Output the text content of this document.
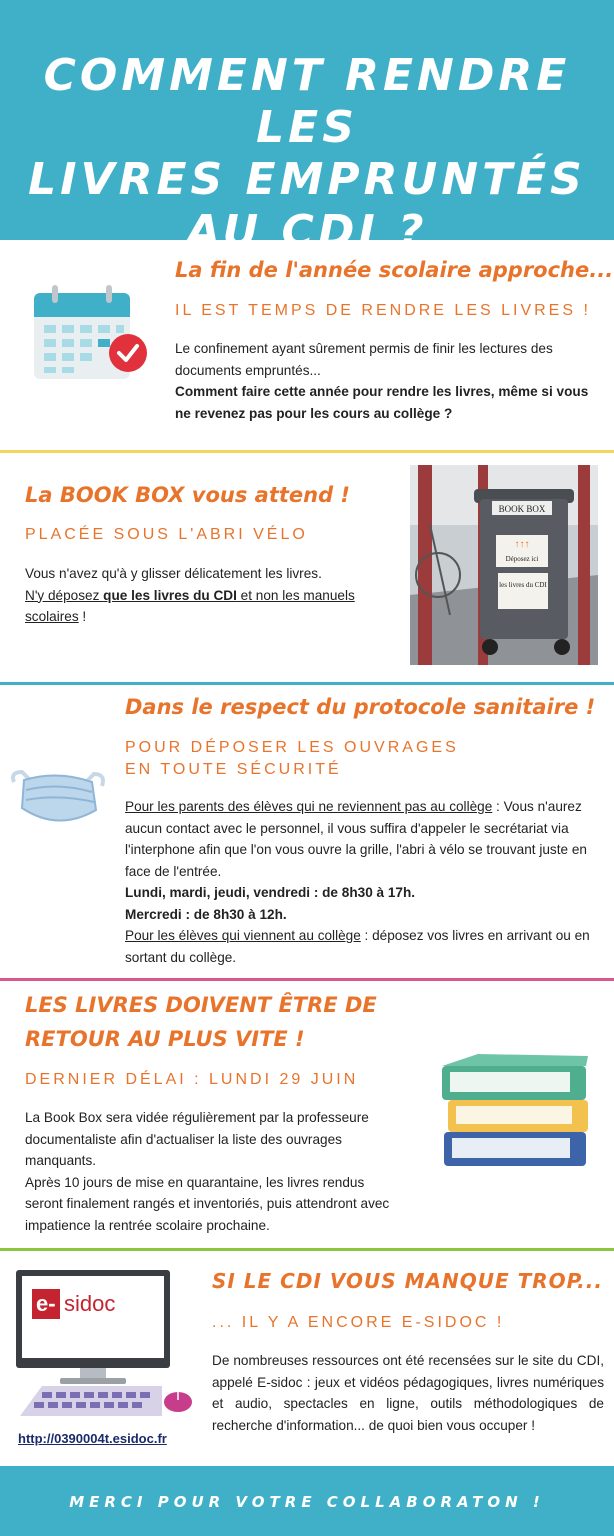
COMMENT RENDRE LES
LIVRES EMPRUNTÉS
AU CDI ?
La fin de l'année scolaire approche...
IL EST TEMPS DE RENDRE LES LIVRES !
Le confinement ayant sûrement permis de finir les lectures des documents empruntés...
Comment faire cette année pour rendre les livres, même si vous ne revenez pas pour les cours au collège ?
La BOOK BOX vous attend !
PLACÉE SOUS L'ABRI VÉLO
Vous n'avez qu'à y glisser délicatement les livres.
N'y déposez que les livres du CDI et non les manuels scolaires !
BOOK BOX
↑↑↑
Déposez ici
les livres du CDI
Dans le respect du protocole sanitaire !
POUR DÉPOSER LES OUVRAGES
EN TOUTE SÉCURITÉ
Pour les parents des élèves qui ne reviennent pas au collège : Vous n'aurez aucun contact avec le personnel, il vous suffira d'appeler le secrétariat via l'interphone afin que l'on vous ouvre la grille, l'abri à vélo se trouvant juste en face de l'entrée.
Lundi, mardi, jeudi, vendredi : de 8h30 à 17h.
Mercredi : de 8h30 à 12h.
Pour les élèves qui viennent au collège : déposez vos livres en arrivant ou en sortant du collège.
LES LIVRES DOIVENT ÊTRE DE
RETOUR AU PLUS VITE !
DERNIER DÉLAI : LUNDI 29 JUIN
La Book Box sera vidée régulièrement par la professeure documentaliste afin d'actualiser la liste des ouvrages manquants.
Après 10 jours de mise en quarantaine, les livres rendus seront finalement rangés et inventoriés, puis attendront avec impatience la rentrée scolaire prochaine.
e- sidoc
http://0390004t.esidoc.fr
SI LE CDI VOUS MANQUE TROP...
... IL Y A ENCORE E-SIDOC !
De nombreuses ressources ont été recensées sur le site du CDI, appelé E-sidoc : jeux et vidéos pédagogiques, livres numériques et audio, spectacles en ligne, outils méthodologiques de recherche d'information... de quoi bien vous occuper !
MERCI POUR VOTRE COLLABORATON !
